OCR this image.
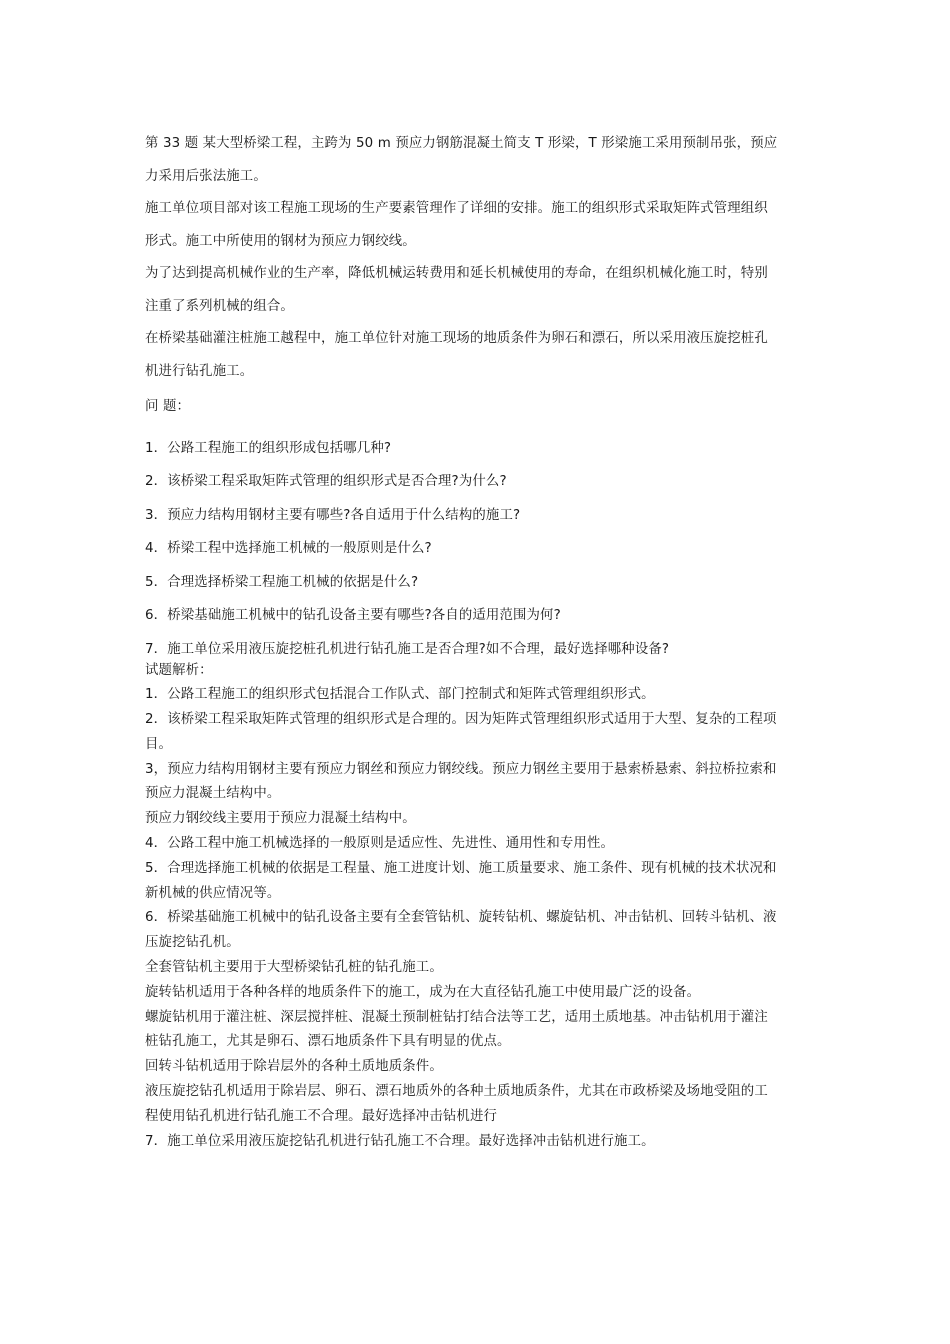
第 33 题 某大型桥梁工程，主跨为 50 m 预应力钢筋混凝土简支 T 形梁，T 形梁施工采用预制吊张，预应
力采用后张法施工。
施工单位项目部对该工程施工现场的生产要素管理作了详细的安排。施工的组织形式采取矩阵式管理组织
形式。施工中所使用的钢材为预应力钢绞线。
为了达到提高机械作业的生产率，降低机械运转费用和延长机械使用的寿命，在组织机械化施工时，特别
注重了系列机械的组合。
在桥梁基础灌注桩施工越程中，施工单位针对施工现场的地质条件为卵石和漂石，所以采用液压旋挖桩孔
机进行钻孔施工。
问 题：
1．公路工程施工的组织形成包括哪几种?
2．该桥梁工程采取矩阵式管理的组织形式是否合理?为什么?
3．预应力结构用钢材主要有哪些?各自适用于什么结构的施工?
4．桥梁工程中选择施工机械的一般原则是什么?
5．合理选择桥梁工程施工机械的依据是什么?
6．桥梁基础施工机械中的钻孔设备主要有哪些?各自的适用范围为何?
7．施工单位采用液压旋挖桩孔机进行钻孔施工是否合理?如不合理，最好选择哪种设备?
试题解析：
1．公路工程施工的组织形式包括混合工作队式、部门控制式和矩阵式管理组织形式。
2．该桥梁工程采取矩阵式管理的组织形式是合理的。因为矩阵式管理组织形式适用于大型、复杂的工程项
目。
3，预应力结构用钢材主要有预应力钢丝和预应力钢绞线。预应力钢丝主要用于悬索桥悬索、斜拉桥拉索和
预应力混凝土结构中。
预应力钢绞线主要用于预应力混凝土结构中。
4．公路工程中施工机械选择的一般原则是适应性、先进性、通用性和专用性。
5．合理选择施工机械的依据是工程量、施工进度计划、施工质量要求、施工条件、现有机械的技术状况和
新机械的供应情况等。
6．桥梁基础施工机械中的钻孔设备主要有全套管钻机、旋转钻机、螺旋钻机、冲击钻机、回转斗钻机、液
压旋挖钻孔机。
全套管钻机主要用于大型桥梁钻孔桩的钻孔施工。
旋转钻机适用于各种各样的地质条件下的施工，成为在大直径钻孔施工中使用最广泛的设备。
螺旋钻机用于灌注桩、深层搅拌桩、混凝土预制桩钻打结合法等工艺，适用土质地基。冲击钻机用于灌注
桩钻孔施工，尤其是卵石、漂石地质条件下具有明显的优点。
回转斗钻机适用于除岩层外的各种土质地质条件。
液压旋挖钻孔机适用于除岩层、卵石、漂石地质外的各种土质地质条件，尤其在市政桥梁及场地受阻的工
程使用钻孔机进行钻孔施工不合理。最好选择冲击钻机进行
7．施工单位采用液压旋挖钻孔机进行钻孔施工不合理。最好选择冲击钻机进行施工。
